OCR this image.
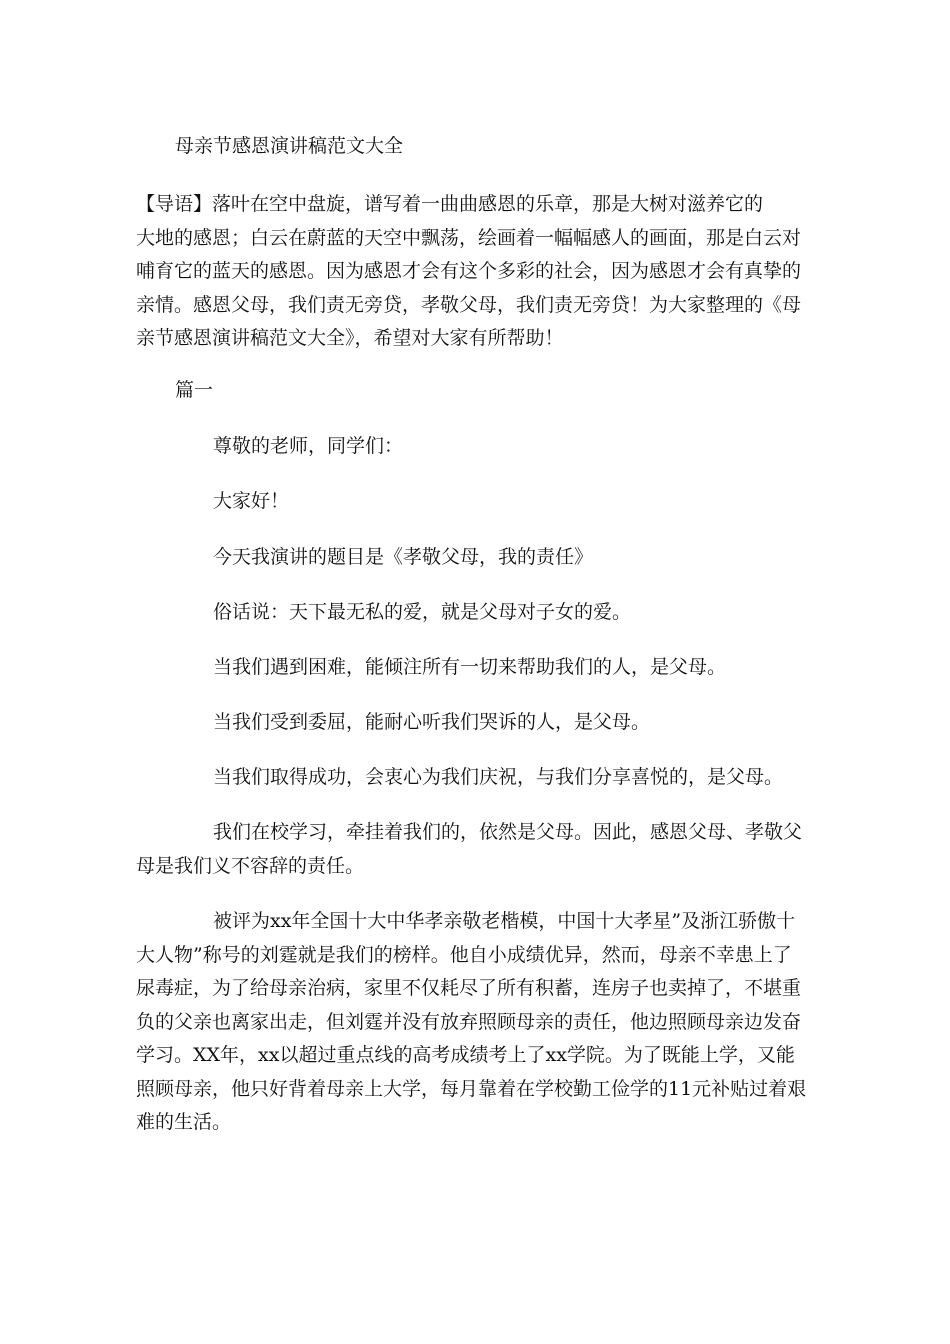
母亲节感恩演讲稿范文大全

【导语】落叶在空中盘旋，谱写着一曲曲感恩的乐章，那是大树对滋养它的

大地的感恩；白云在蔚蓝的天空中飘荡，绘画着一幅幅感人的画面，那是白云对

哺育它的蓝天的感恩。因为感恩才会有这个多彩的社会，因为感恩才会有真挚的

亲情。感恩父母，我们责无旁贷，孝敬父母，我们责无旁贷！为大家整理的《母

亲节感恩演讲稿范文大全》，希望对大家有所帮助！

篇一

尊敬的老师，同学们：

大家好！

今天我演讲的题目是《孝敬父母，我的责任》

俗话说：天下最无私的爱，就是父母对子女的爱。

当我们遇到困难，能倾注所有一切来帮助我们的人，是父母。

当我们受到委屈，能耐心听我们哭诉的人，是父母。

当我们取得成功，会衷心为我们庆祝，与我们分享喜悦的，是父母。

我们在校学习，牵挂着我们的，依然是父母。因此，感恩父母、孝敬父

母是我们义不容辞的责任。

被评为xx年全国十大中华孝亲敬老楷模，中国十大孝星”及浙江骄傲十

大人物”称号的刘霆就是我们的榜样。他自小成绩优异，然而，母亲不幸患上了

尿毒症，为了给母亲治病，家里不仅耗尽了所有积蓄，连房子也卖掉了，不堪重

负的父亲也离家出走，但刘霆并没有放弃照顾母亲的责任，他边照顾母亲边发奋

学习。XX年，xx以超过重点线的高考成绩考上了xx学院。为了既能上学，又能

照顾母亲，他只好背着母亲上大学，每月靠着在学校勤工俭学的11元补贴过着艰

难的生活。
